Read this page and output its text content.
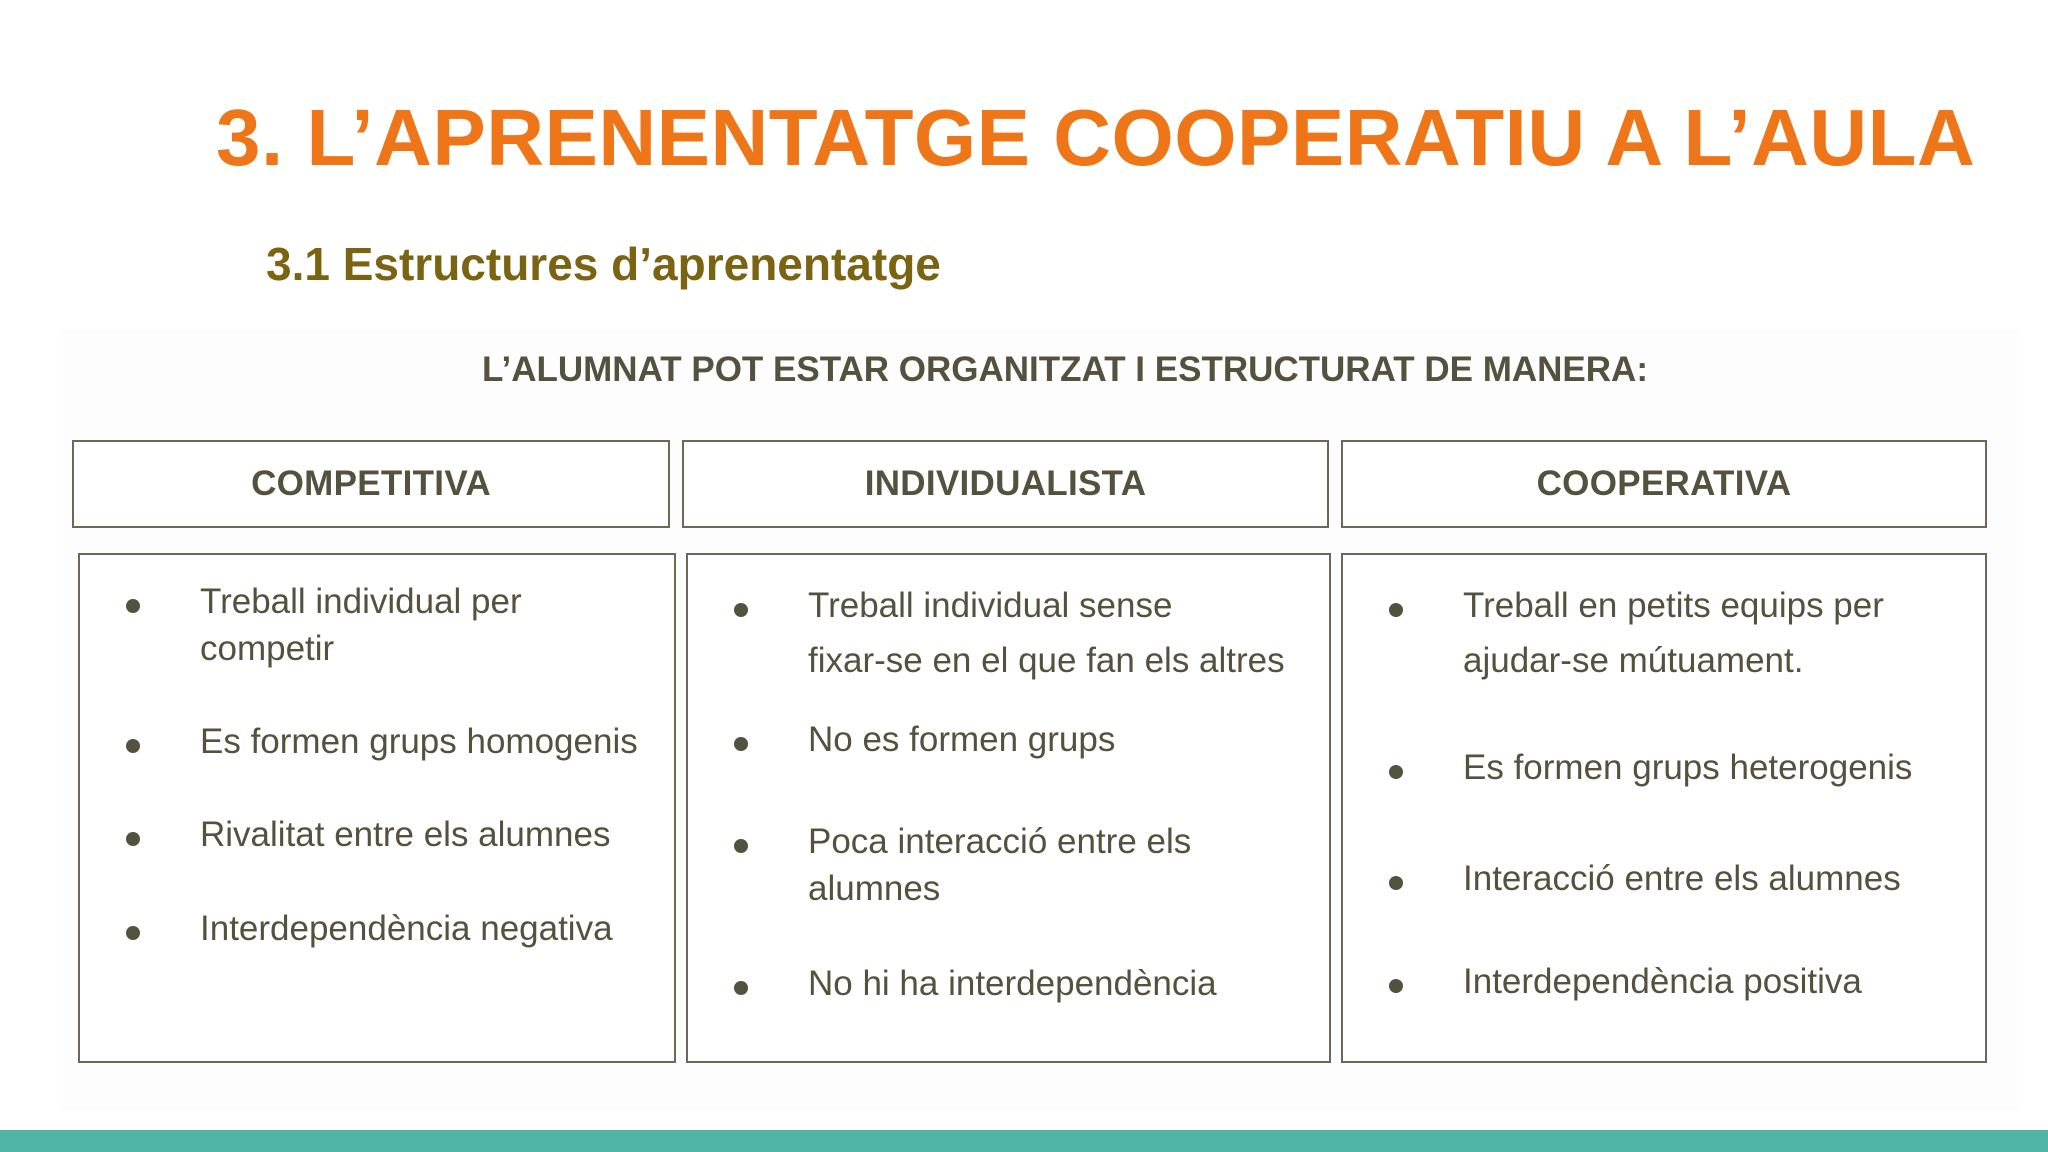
3. L’APRENENTATGE COOPERATIU A L’AULA
3.1 Estructures d’aprenentatge
L’ALUMNAT POT ESTAR ORGANITZAT I ESTRUCTURAT DE MANERA:
COMPETITIVA	INDIVIDUALISTA	COOPERATIVA
Treball individual per
competir
Es formen grups homogenis
Rivalitat entre els alumnes
Interdependència negativa
Treball individual sense
fixar-se en el que fan els altres
No es formen grups
Poca interacció entre els
alumnes
No hi ha interdependència
Treball en petits equips per
ajudar-se mútuament.
Es formen grups heterogenis
Interacció entre els alumnes
Interdependència positiva
